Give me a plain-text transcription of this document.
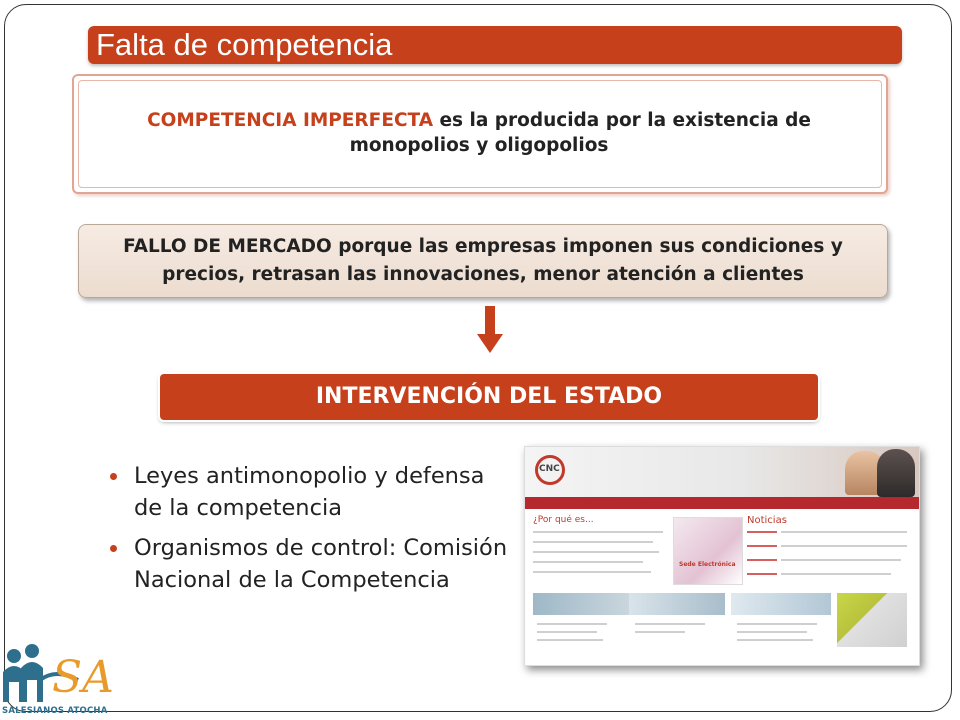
Falta de competencia
COMPETENCIA IMPERFECTA es la producida por la existencia de monopolios y oligopolios
FALLO DE MERCADO porque las empresas imponen sus condiciones y precios, retrasan las innovaciones, menor atención a clientes
INTERVENCIÓN DEL ESTADO
Leyes antimonopolio y defensa de la competencia
Organismos de control: Comisión Nacional de la Competencia
CNC
¿Por qué es...	Noticias
Sede Electrónica
SA
SALESIANOS ATOCHA
